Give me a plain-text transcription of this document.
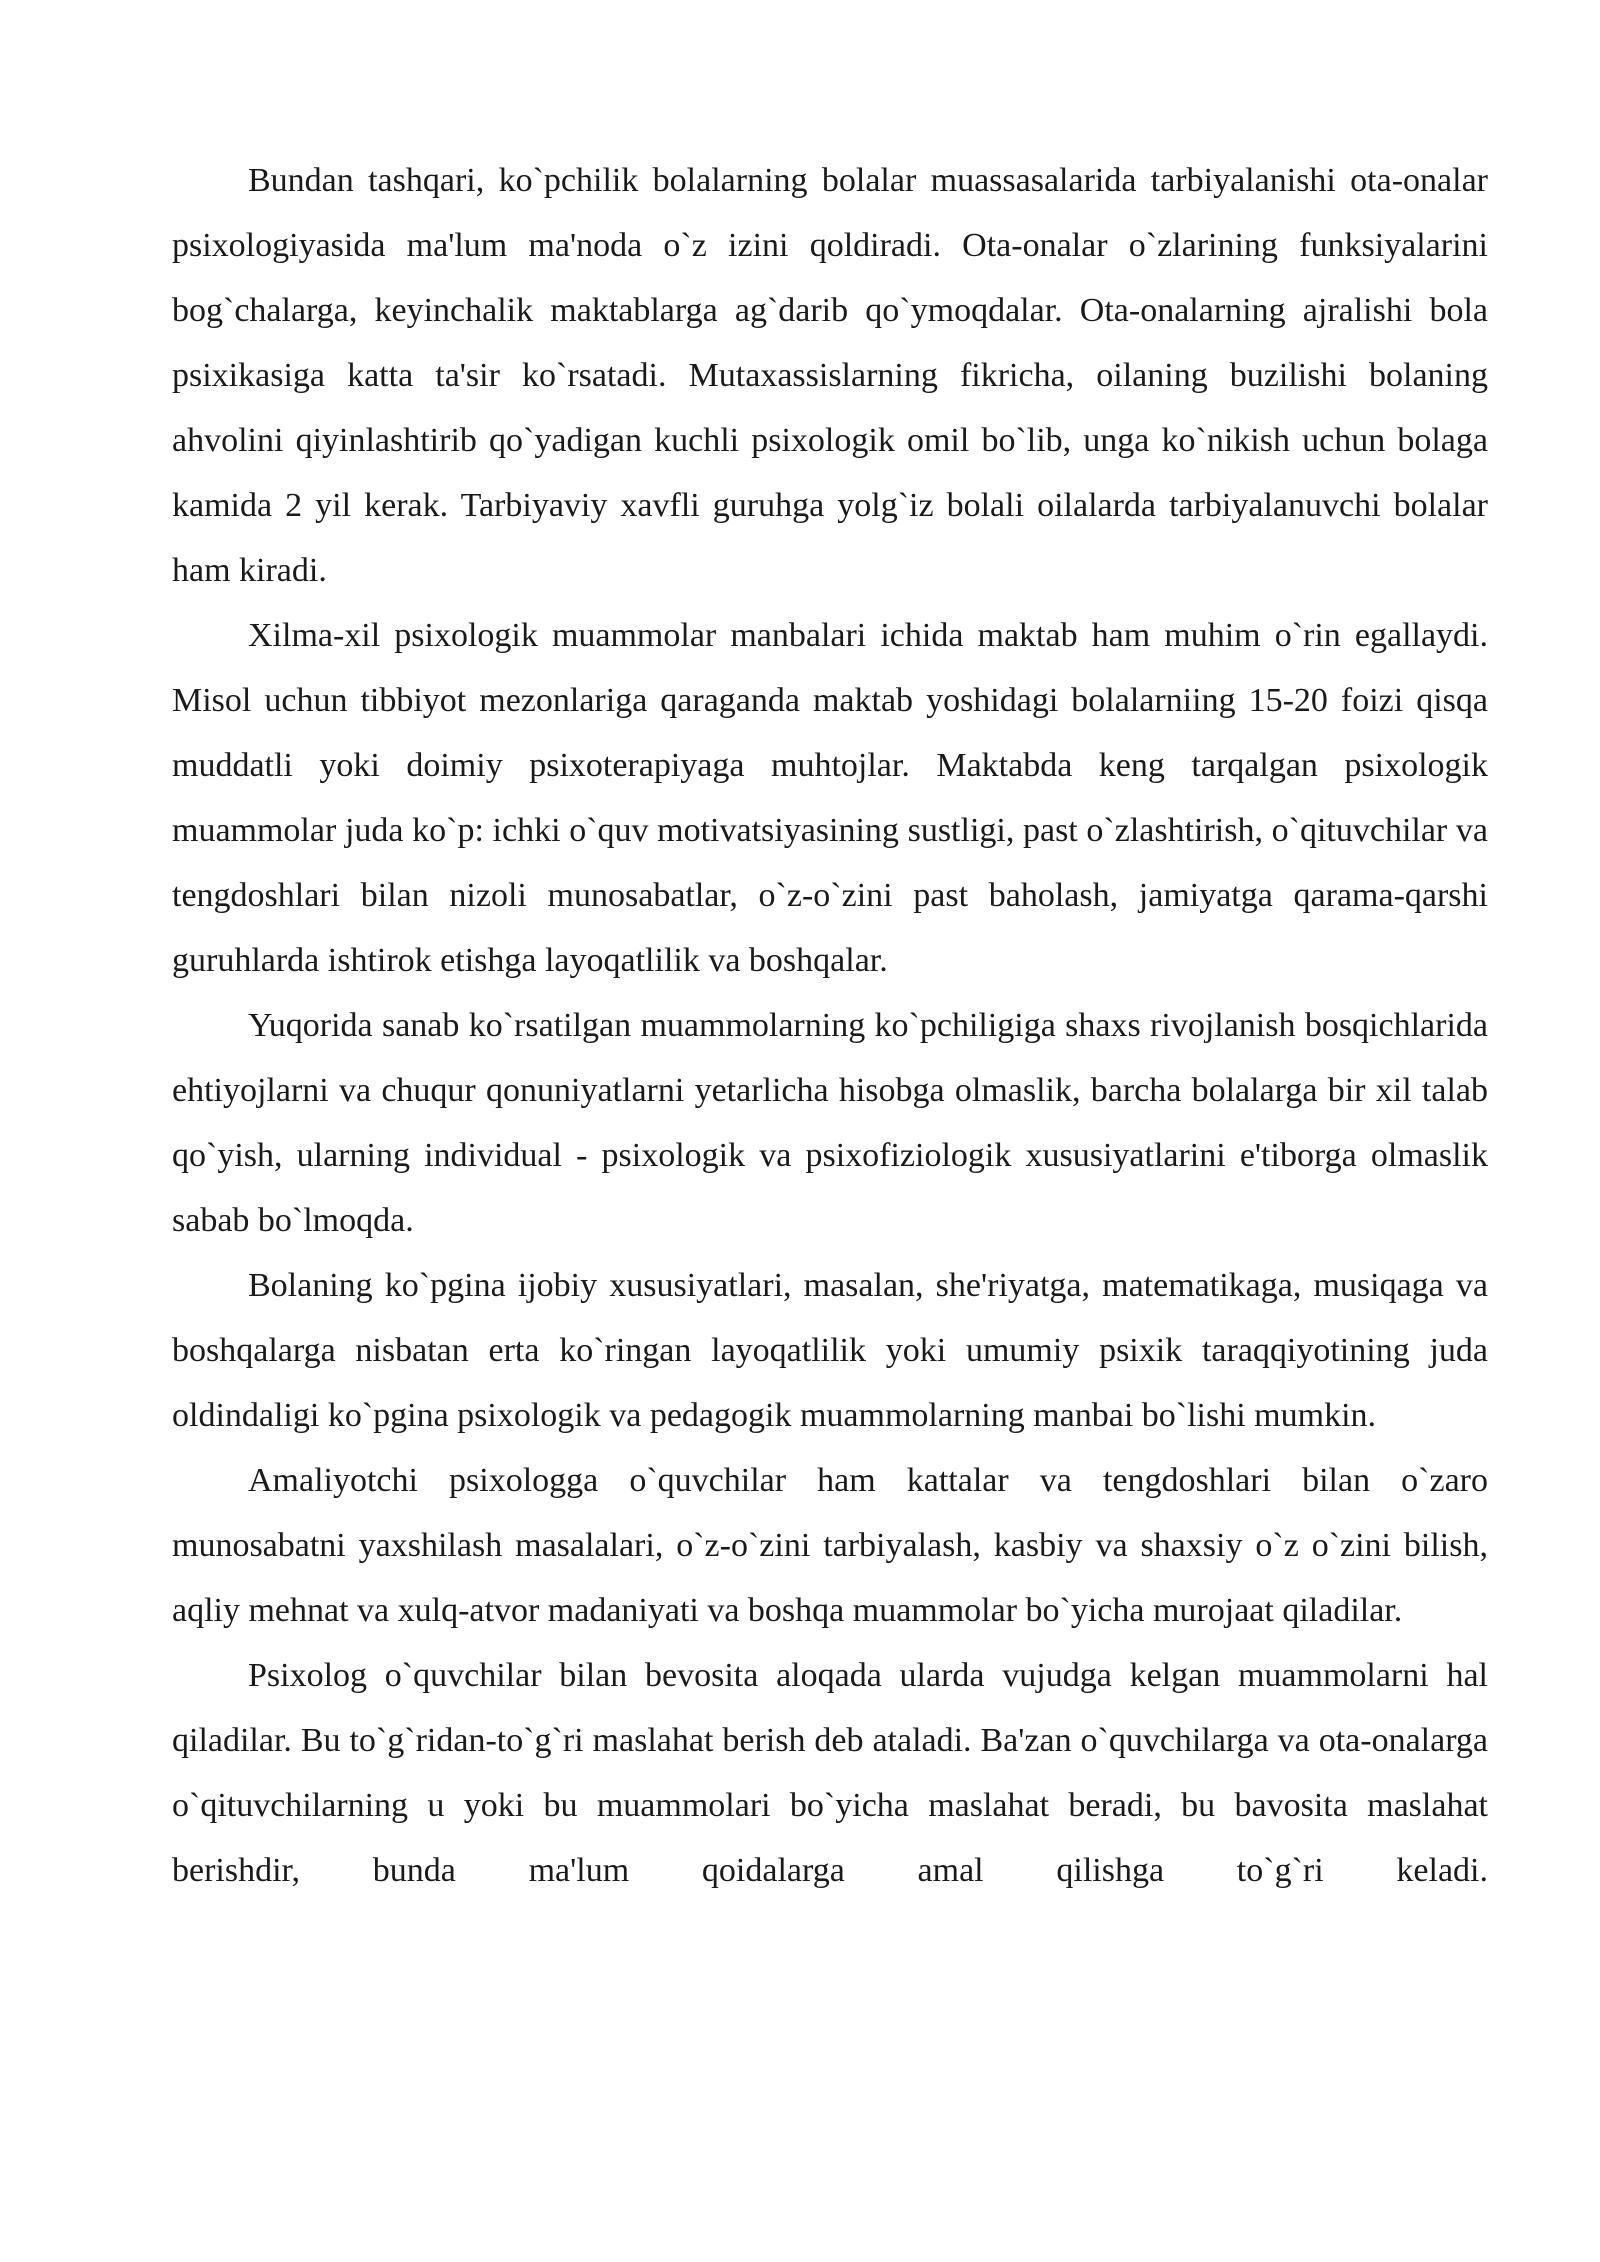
Bundan tashqari, ko`pchilik bolalarning bolalar muassasalarida tarbiyalanishi ota-onalar psixologiyasida ma'lum ma'noda o`z izini qoldiradi. Ota-onalar o`zlarining funksiyalarini bog`chalarga, keyinchalik maktablarga ag`darib qo`ymoqdalar. Ota-onalarning ajralishi bola psixikasiga katta ta'sir ko`rsatadi. Mutaxassislarning fikricha, oilaning buzilishi bolaning ahvolini qiyinlashtirib qo`yadigan kuchli psixologik omil bo`lib, unga ko`nikish uchun bolaga kamida 2 yil kerak. Tarbiyaviy xavfli guruhga yolg`iz bolali oilalarda tarbiyalanuvchi bolalar ham kiradi.

Xilma-xil psixologik muammolar manbalari ichida maktab ham muhim o`rin egallaydi. Misol uchun tibbiyot mezonlariga qaraganda maktab yoshidagi bolalarniing 15-20 foizi qisqa muddatli yoki doimiy psixoterapiyaga muhtojlar. Maktabda keng tarqalgan psixologik muammolar juda ko`p: ichki o`quv motivatsiyasining sustligi, past o`zlashtirish, o`qituvchilar va tengdoshlari bilan nizoli munosabatlar, o`z-o`zini past baholash, jamiyatga qarama-qarshi guruhlarda ishtirok etishga layoqatlilik va boshqalar.

Yuqorida sanab ko`rsatilgan muammolarning ko`pchiligiga shaxs rivojlanish bosqichlarida ehtiyojlarni va chuqur qonuniyatlarni yetarlicha hisobga olmaslik, barcha bolalarga bir xil talab qo`yish, ularning individual - psixologik va psixofiziologik xususiyatlarini e'tiborga olmaslik sabab bo`lmoqda.

Bolaning ko`pgina ijobiy xususiyatlari, masalan, she'riyatga, matematikaga, musiqaga va boshqalarga nisbatan erta ko`ringan layoqatlilik yoki umumiy psixik taraqqiyotining juda oldindaligi ko`pgina psixologik va pedagogik muammolarning manbai bo`lishi mumkin.

Amaliyotchi psixologga o`quvchilar ham kattalar va tengdoshlari bilan o`zaro munosabatni yaxshilash masalalari, o`z-o`zini tarbiyalash, kasbiy va shaxsiy o`z o`zini bilish, aqliy mehnat va xulq-atvor madaniyati va boshqa muammolar bo`yicha murojaat qiladilar.

Psixolog o`quvchilar bilan bevosita aloqada ularda vujudga kelgan muammolarni hal qiladilar. Bu to`g`ridan-to`g`ri maslahat berish deb ataladi. Ba'zan o`quvchilarga va ota-onalarga o`qituvchilarning u yoki bu muammolari bo`yicha maslahat beradi, bu bavosita maslahat berishdir, bunda ma'lum qoidalarga amal qilishga to`g`ri keladi.
